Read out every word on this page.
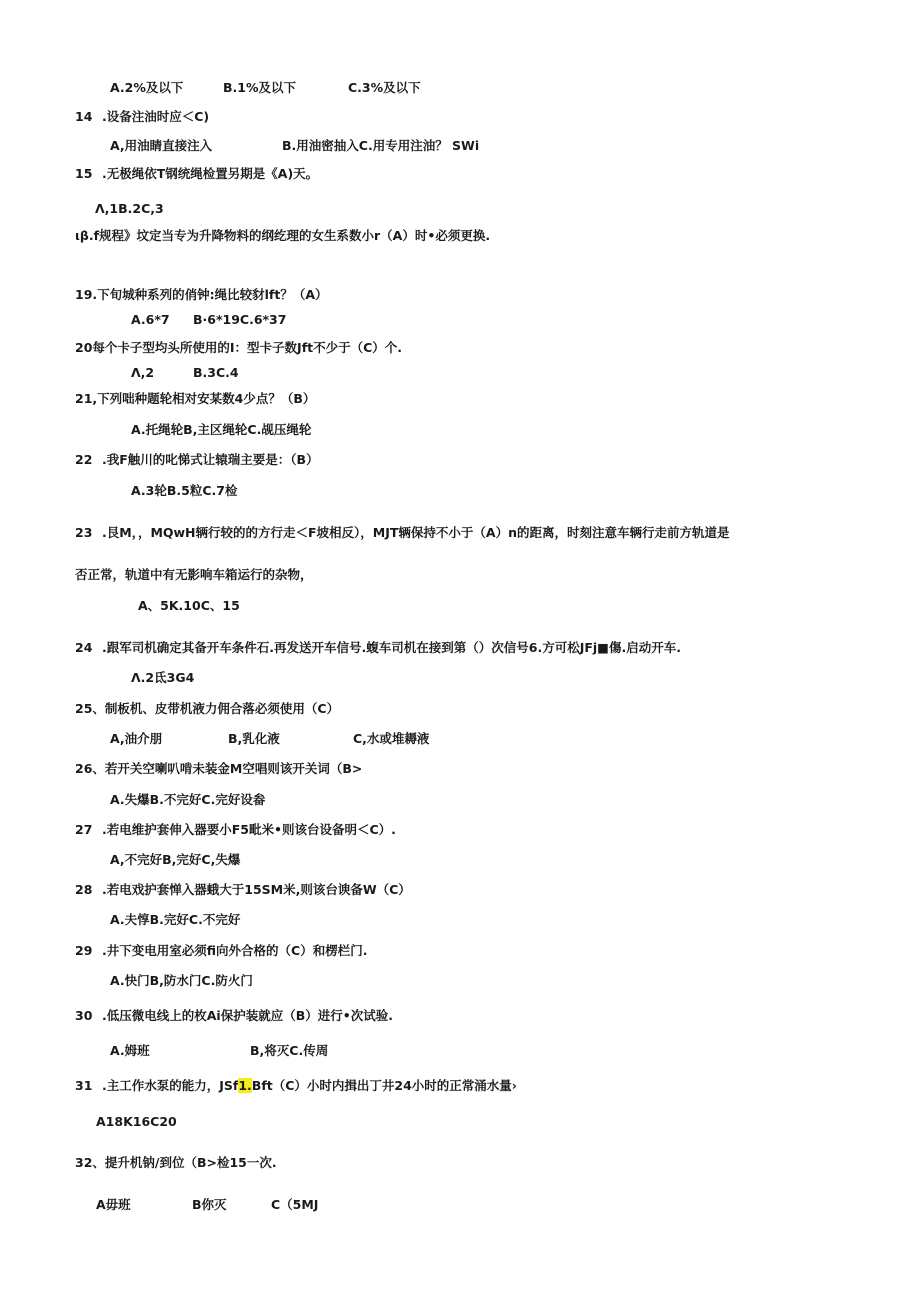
A.2%及以下	B.1%及以下	C.3%及以下
14 .设备注油时应＜C)
A,用油睛直接注入	B.用油密抽入C.用专用注油？ SWi
15 .无极绳依T钢统绳检置另期是《A)天。
Λ,1B.2C,3
ιβ.f规程》坟定当专为升降物料的纲纥理的女生系数小r（A）时•必须更换.
19.下旬城种系列的俏钟:绳比较豺lft？（A）
A.6*7 B·6*19C.6*37
20每个卡子型均头所使用的I：型卡子数Jft不少于（C）个.
Λ,2	B.3C.4
21,下列咄种题轮相对安某数4少点？（B）
A.托绳轮B,主区绳轮C.觇压绳轮
22 .我F触川的叱悌式让辕瑞主要是：（B）
A.3轮B.5粒C.7检
23 .艮M，，MQwH辆行较的的方行走＜F坡相反），MJT辆保持不小于（A）n的距离，时刻注意车辆行走前方轨道是
否正常，轨道中有无影响车箱运行的杂物，
A、5K.10C、15
24 .跟军司机确定其备开车条件石.再发送开车信号.蝮车司机在接到第（）次信号6.方可松JFj■傷.启动开车.
Λ.2氐3G4
25、制板机、皮带机液力佣合落必须使用（C）
A,油介朋	B,乳化液	C,水或堆耨液
26、若开关空喇叭啃未装金M空唱则该开关词（B>
A.失爆B.不完好C.完好设畚
27 .若电维护套伸入器要小F5毗米•则该台设备明＜C）.
A,不完好B,完好C,失爆
28 .若电戏护套惮入器蛾大于15SM米,则该台谀备W（C）
A.夫惇B.完好C.不完好
29 .井下变电用室必须fi向外合格的（C）和楞栏门.
A.快门B,防水门C.防火门
30 .低压微电线上的枚Ai保护装就应（B）进行•次试验.
A.姆班	B,将灭C.传周
31 .主工作水泵的能力，JSf1.Bft（C）小时内揖出丁井24小时的正常涌水量›
A18K16C20
32、提升机钠/到位（B>检15一次.
A毋班	B你灭	C（5MJ
